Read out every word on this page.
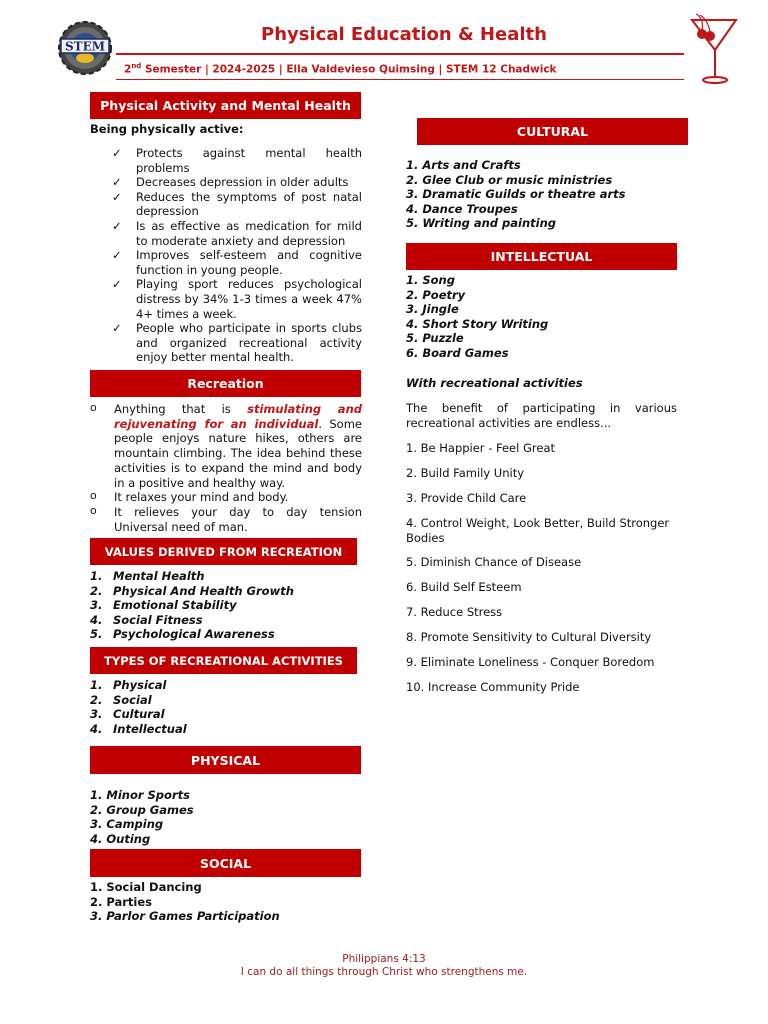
STEM
Physical Education & Health
2nd Semester | 2024-2025 | Ella Valdevieso Quimsing | STEM 12 Chadwick
Physical Activity and Mental Health
Being physically active:
✓ Protects against mental health problems
✓ Decreases depression in older adults
✓ Reduces the symptoms of post natal depression
✓ Is as effective as medication for mild to moderate anxiety and depression
✓ Improves self-esteem and cognitive function in young people.
✓ Playing sport reduces psychological distress by 34% 1-3 times a week 47% 4+ times a week.
✓ People who participate in sports clubs and organized recreational activity enjoy better mental health.
Recreation
o Anything that is stimulating and rejuvenating for an individual. Some people enjoys nature hikes, others are mountain climbing. The idea behind these activities is to expand the mind and body in a positive and healthy way.
o It relaxes your mind and body.
o It relieves your day to day tension Universal need of man.
VALUES DERIVED FROM RECREATION
1. Mental Health
2. Physical And Health Growth
3. Emotional Stability
4. Social Fitness
5. Psychological Awareness
TYPES OF RECREATIONAL ACTIVITIES
1. Physical
2. Social
3. Cultural
4. Intellectual
PHYSICAL
1. Minor Sports
2. Group Games
3. Camping
4. Outing
SOCIAL
1. Social Dancing
2. Parties
3. Parlor Games Participation
CULTURAL
1. Arts and Crafts
2. Glee Club or music ministries
3. Dramatic Guilds or theatre arts
4. Dance Troupes
5. Writing and painting
INTELLECTUAL
1. Song
2. Poetry
3. Jingle
4. Short Story Writing
5. Puzzle
6. Board Games
With recreational activities
The benefit of participating in various recreational activities are endless...
1. Be Happier - Feel Great
2. Build Family Unity
3. Provide Child Care
4. Control Weight, Look Better, Build Stronger Bodies
5. Diminish Chance of Disease
6. Build Self Esteem
7. Reduce Stress
8. Promote Sensitivity to Cultural Diversity
9. Eliminate Loneliness - Conquer Boredom
10. Increase Community Pride
Philippians 4:13
I can do all things through Christ who strengthens me.
